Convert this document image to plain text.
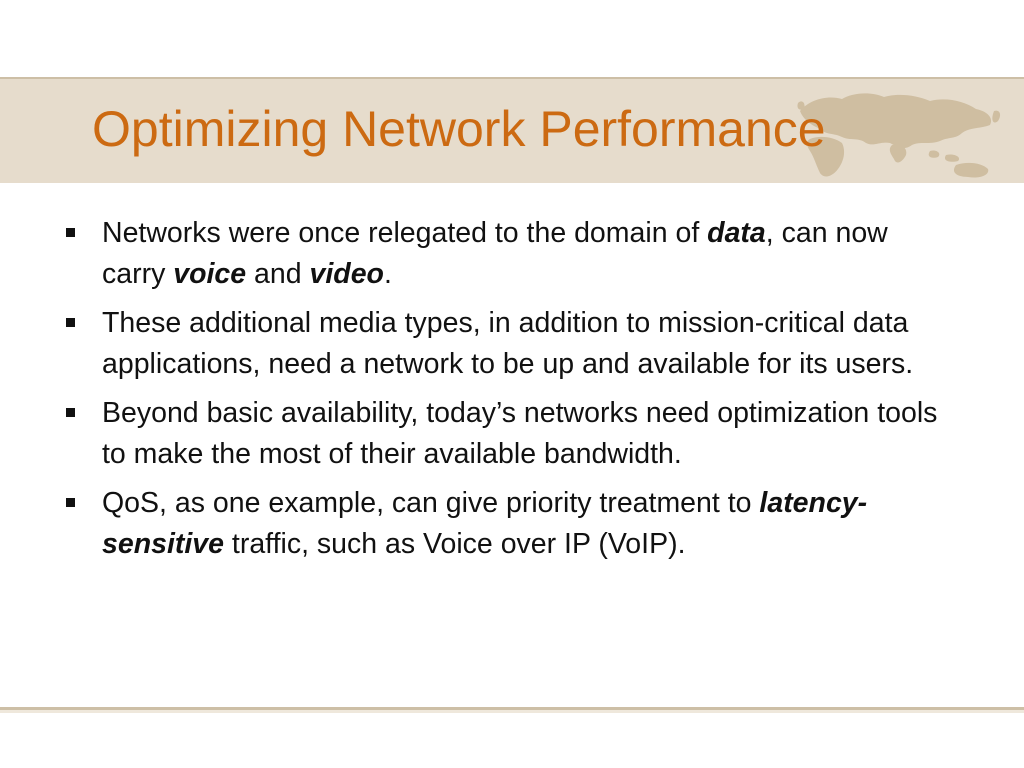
Optimizing Network Performance
Networks were once relegated to the domain of data, can now carry voice and video.
These additional media types, in addition to mission-critical data applications, need a network to be up and available for its users.
Beyond basic availability, today’s networks need optimization tools to make the most of their available bandwidth.
QoS, as one example, can give priority treatment to latency-sensitive traffic, such as Voice over IP (VoIP).
